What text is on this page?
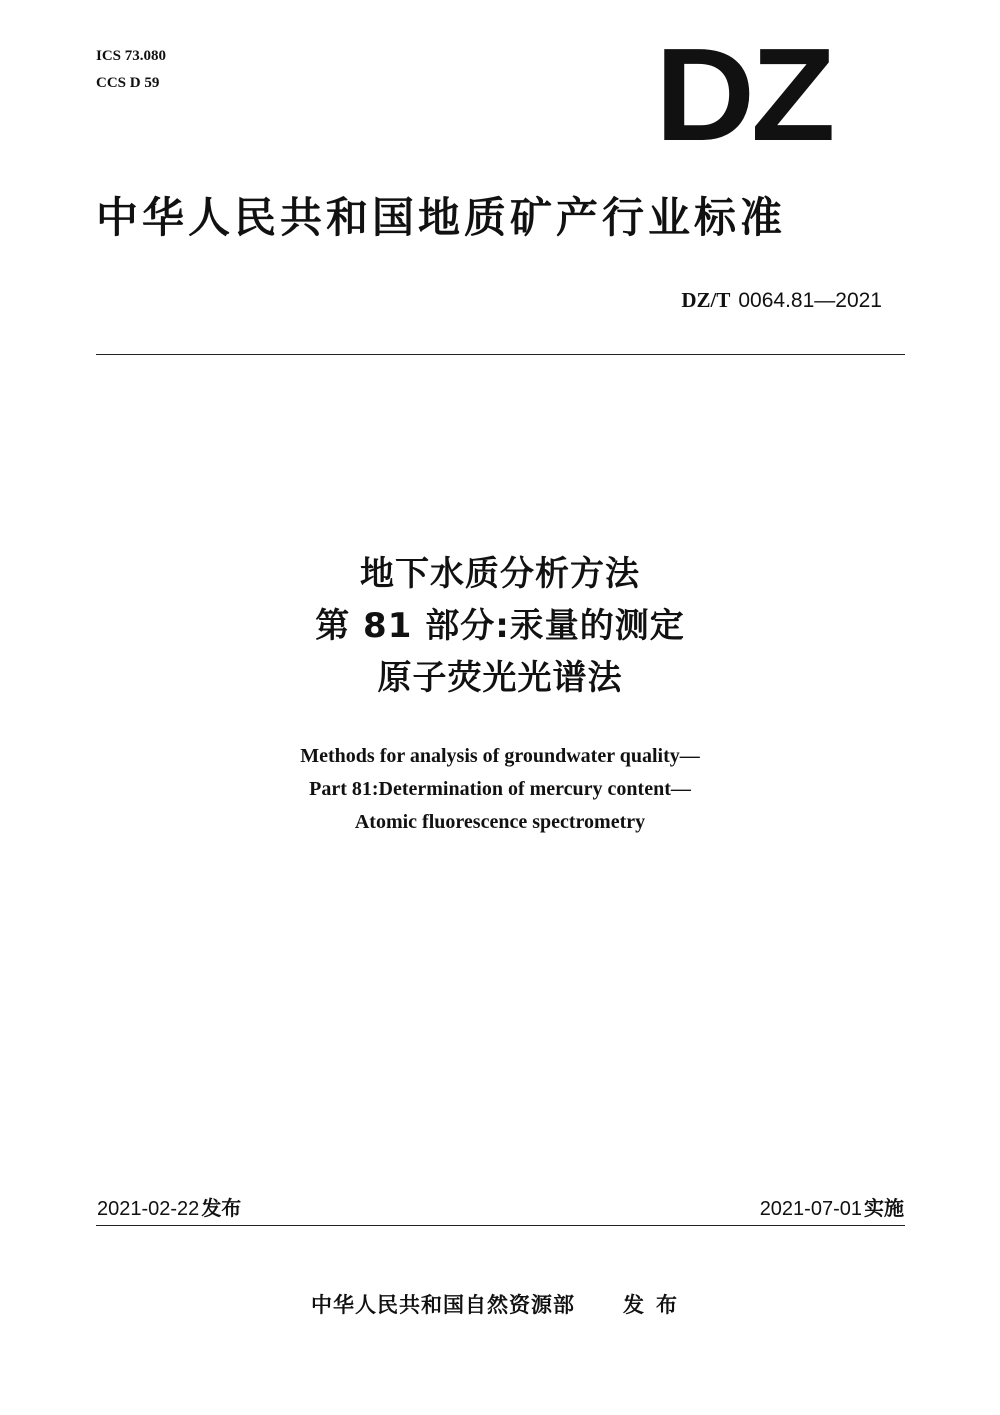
ICS 73.080
CCS D 59	DZ
中华人民共和国地质矿产行业标准
DZ/T 0064.81—2021
地下水质分析方法
第 81 部分:汞量的测定
原子荧光光谱法
Methods for analysis of groundwater quality—
Part 81:Determination of mercury content—
Atomic fluorescence spectrometry
2021-02-22 发布	2021-07-01 实施
中华人民共和国自然资源部 发布
